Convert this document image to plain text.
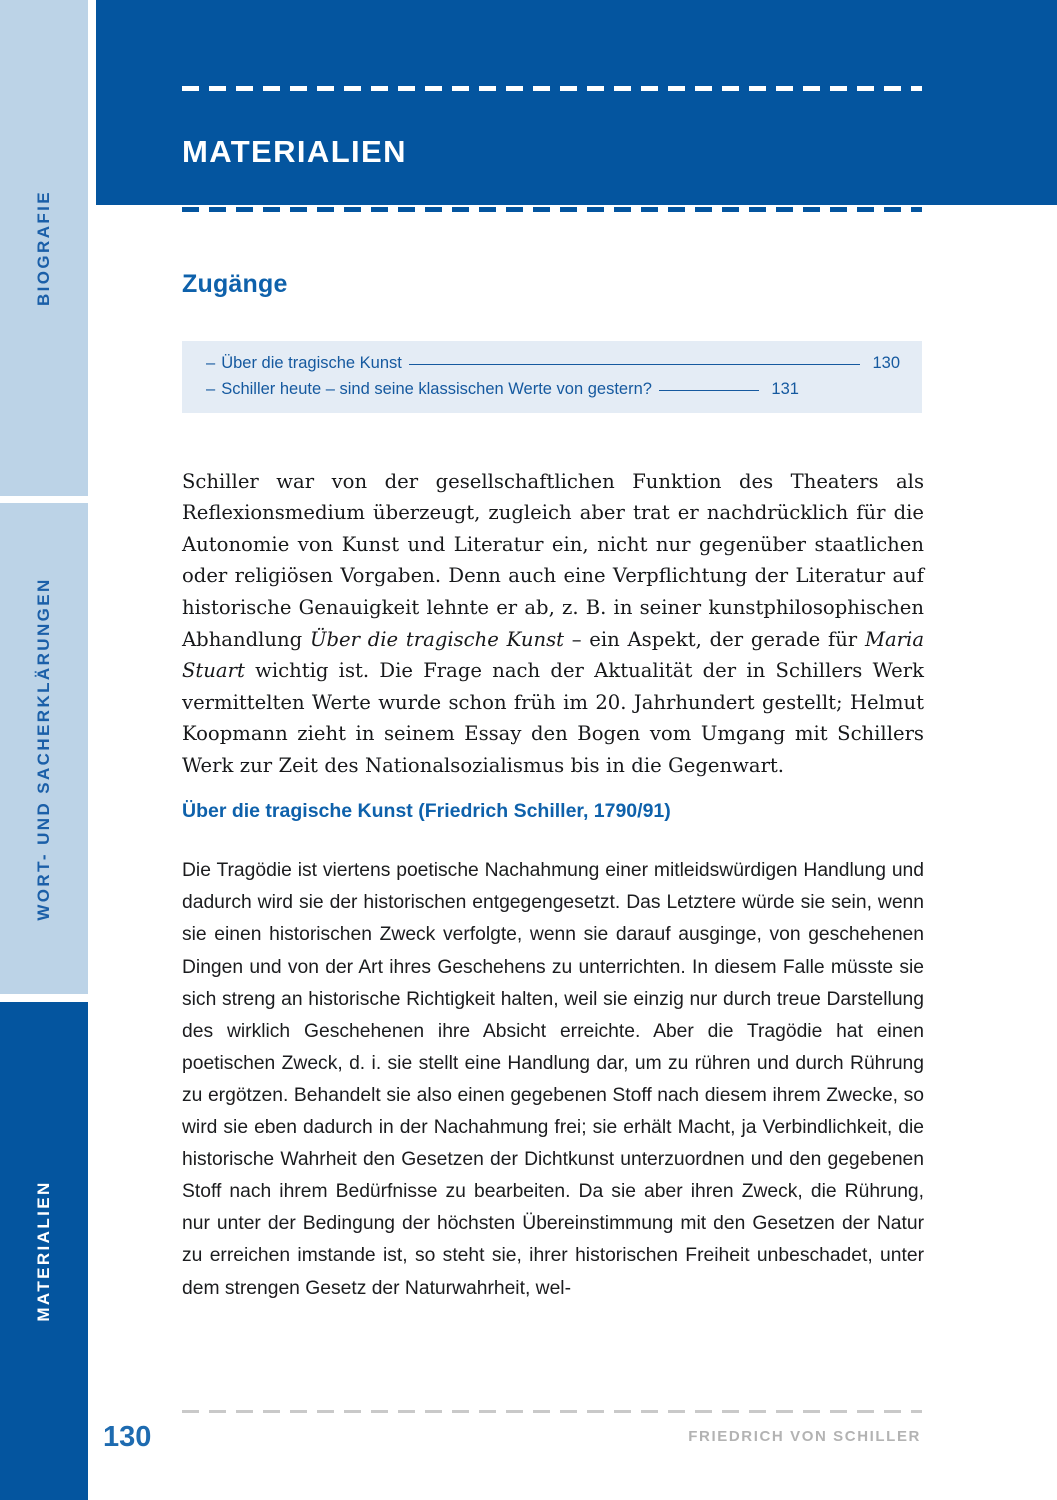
BIOGRAFIE
WORT- UND SACHERKLÄRUNGEN
MATERIALIEN
MATERIALIEN
Zugänge
– Über die tragische Kunst	130
– Schiller heute – sind seine klassischen Werte von gestern?	131

Schiller war von der gesellschaftlichen Funktion des Theaters als Reflexionsmedium überzeugt, zugleich aber trat er nachdrücklich für die Autonomie von Kunst und Literatur ein, nicht nur gegenüber staatlichen oder religiösen Vorgaben. Denn auch eine Verpflichtung der Literatur auf historische Genauigkeit lehnte er ab, z. B. in seiner kunstphilosophischen Abhandlung Über die tragische Kunst – ein Aspekt, der gerade für Maria Stuart wichtig ist. Die Frage nach der Aktualität der in Schillers Werk vermittelten Werte wurde schon früh im 20. Jahrhundert gestellt; Helmut Koopmann zieht in seinem Essay den Bogen vom Umgang mit Schillers Werk zur Zeit des Nationalsozialismus bis in die Gegenwart.

Über die tragische Kunst (Friedrich Schiller, 1790/91)

Die Tragödie ist viertens poetische Nachahmung einer mitleidswürdigen Handlung und dadurch wird sie der historischen entgegengesetzt. Das Letztere würde sie sein, wenn sie einen historischen Zweck verfolgte, wenn sie darauf ausginge, von geschehenen Dingen und von der Art ihres Geschehens zu unterrichten. In diesem Falle müsste sie sich streng an historische Richtigkeit halten, weil sie einzig nur durch treue Darstellung des wirklich Geschehenen ihre Absicht erreichte. Aber die Tragödie hat einen poetischen Zweck, d. i. sie stellt eine Handlung dar, um zu rühren und durch Rührung zu ergötzen. Behandelt sie also einen gegebenen Stoff nach diesem ihrem Zwecke, so wird sie eben dadurch in der Nachahmung frei; sie erhält Macht, ja Verbindlichkeit, die historische Wahrheit den Gesetzen der Dichtkunst unterzuordnen und den gegebenen Stoff nach ihrem Bedürfnisse zu bearbeiten. Da sie aber ihren Zweck, die Rührung, nur unter der Bedingung der höchsten Übereinstimmung mit den Gesetzen der Natur zu erreichen imstande ist, so steht sie, ihrer historischen Freiheit unbeschadet, unter dem strengen Gesetz der Naturwahrheit, wel-

130	FRIEDRICH VON SCHILLER
